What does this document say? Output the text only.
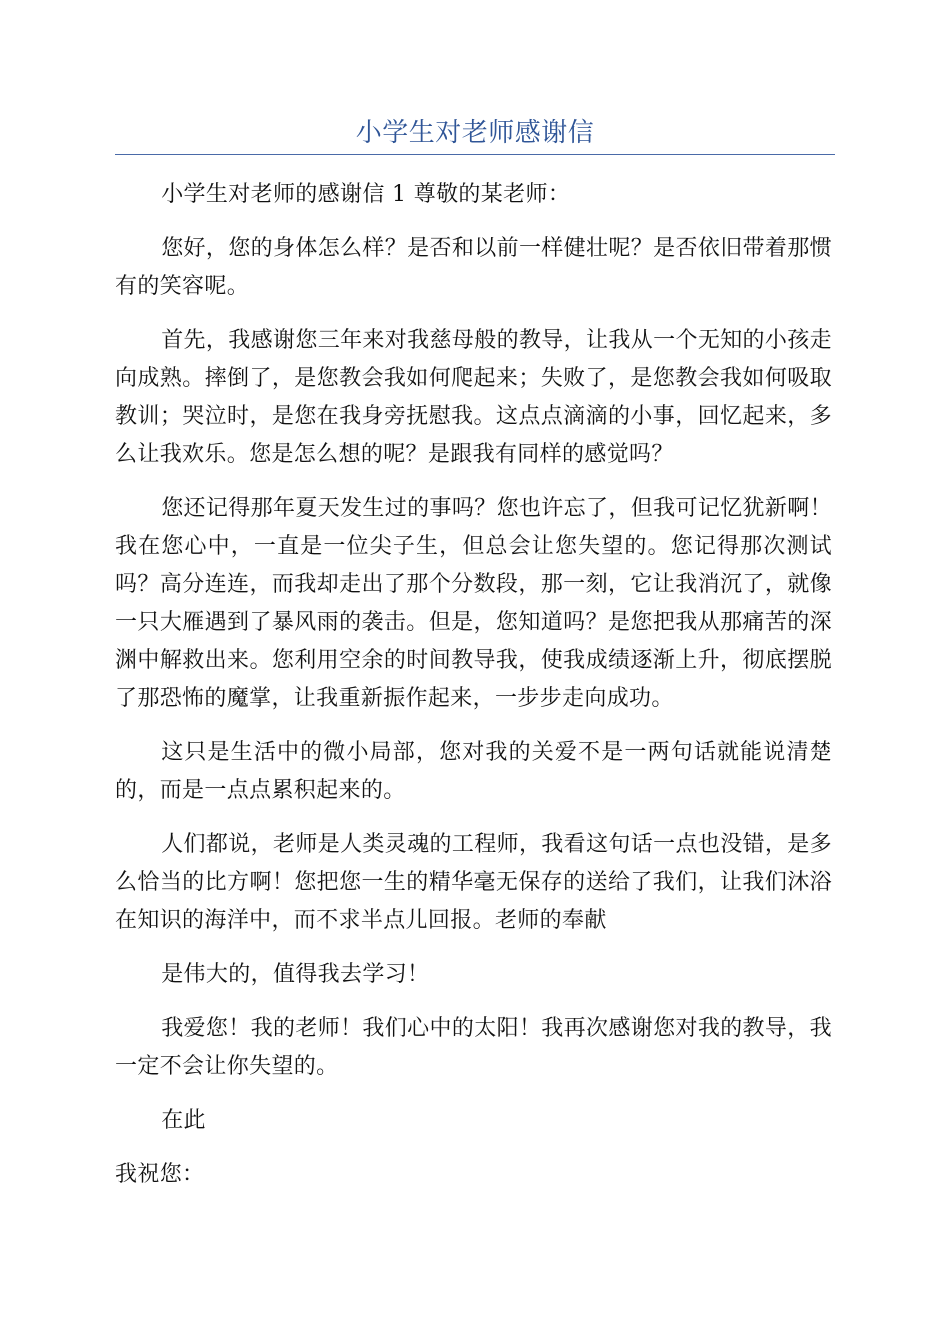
小学生对老师感谢信

小学生对老师的感谢信 1 尊敬的某老师：

您好，您的身体怎么样？是否和以前一样健壮呢？是否依旧带着那惯有的笑容呢。

首先，我感谢您三年来对我慈母般的教导，让我从一个无知的小孩走向成熟。摔倒了，是您教会我如何爬起来；失败了，是您教会我如何吸取教训；哭泣时，是您在我身旁抚慰我。这点点滴滴的小事，回忆起来，多么让我欢乐。您是怎么想的呢？是跟我有同样的感觉吗？

您还记得那年夏天发生过的事吗？您也许忘了，但我可记忆犹新啊！我在您心中，一直是一位尖子生，但总会让您失望的。您记得那次测试吗？高分连连，而我却走出了那个分数段，那一刻，它让我消沉了，就像一只大雁遇到了暴风雨的袭击。但是，您知道吗？是您把我从那痛苦的深渊中解救出来。您利用空余的时间教导我，使我成绩逐渐上升，彻底摆脱了那恐怖的魔掌，让我重新振作起来，一步步走向成功。

这只是生活中的微小局部，您对我的关爱不是一两句话就能说清楚的，而是一点点累积起来的。

人们都说，老师是人类灵魂的工程师，我看这句话一点也没错，是多么恰当的比方啊！您把您一生的精华毫无保存的送给了我们，让我们沐浴在知识的海洋中，而不求半点儿回报。老师的奉献

是伟大的，值得我去学习！

我爱您！我的老师！我们心中的太阳！我再次感谢您对我的教导，我一定不会让你失望的。

在此

我祝您：
